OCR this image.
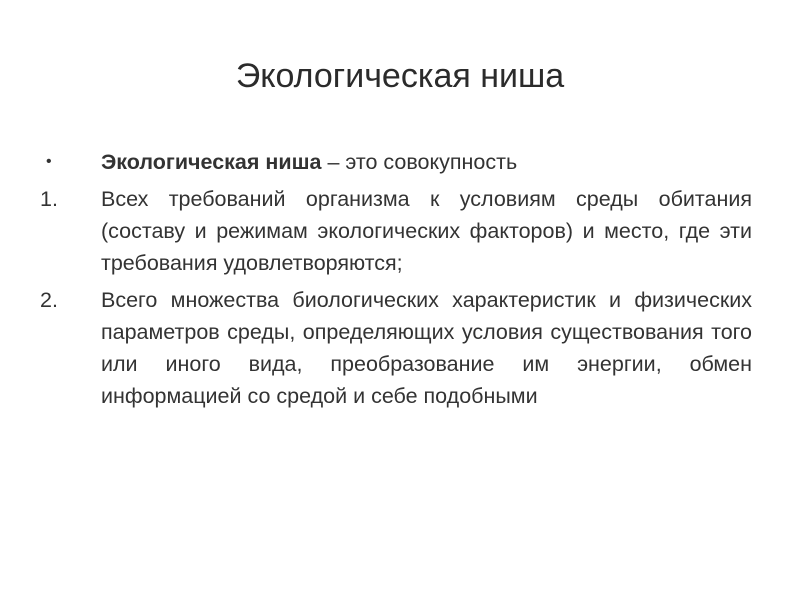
Экологическая ниша
•	Экологическая ниша – это совокупность
1.	Всех требований организма к условиям среды обитания (составу и режимам экологических факторов) и место, где эти требования удовлетворяются;
2.	Всего множества биологических характеристик и физических параметров среды, определяющих условия существования того или иного вида, преобразование им энергии, обмен информацией со средой и себе подобными
